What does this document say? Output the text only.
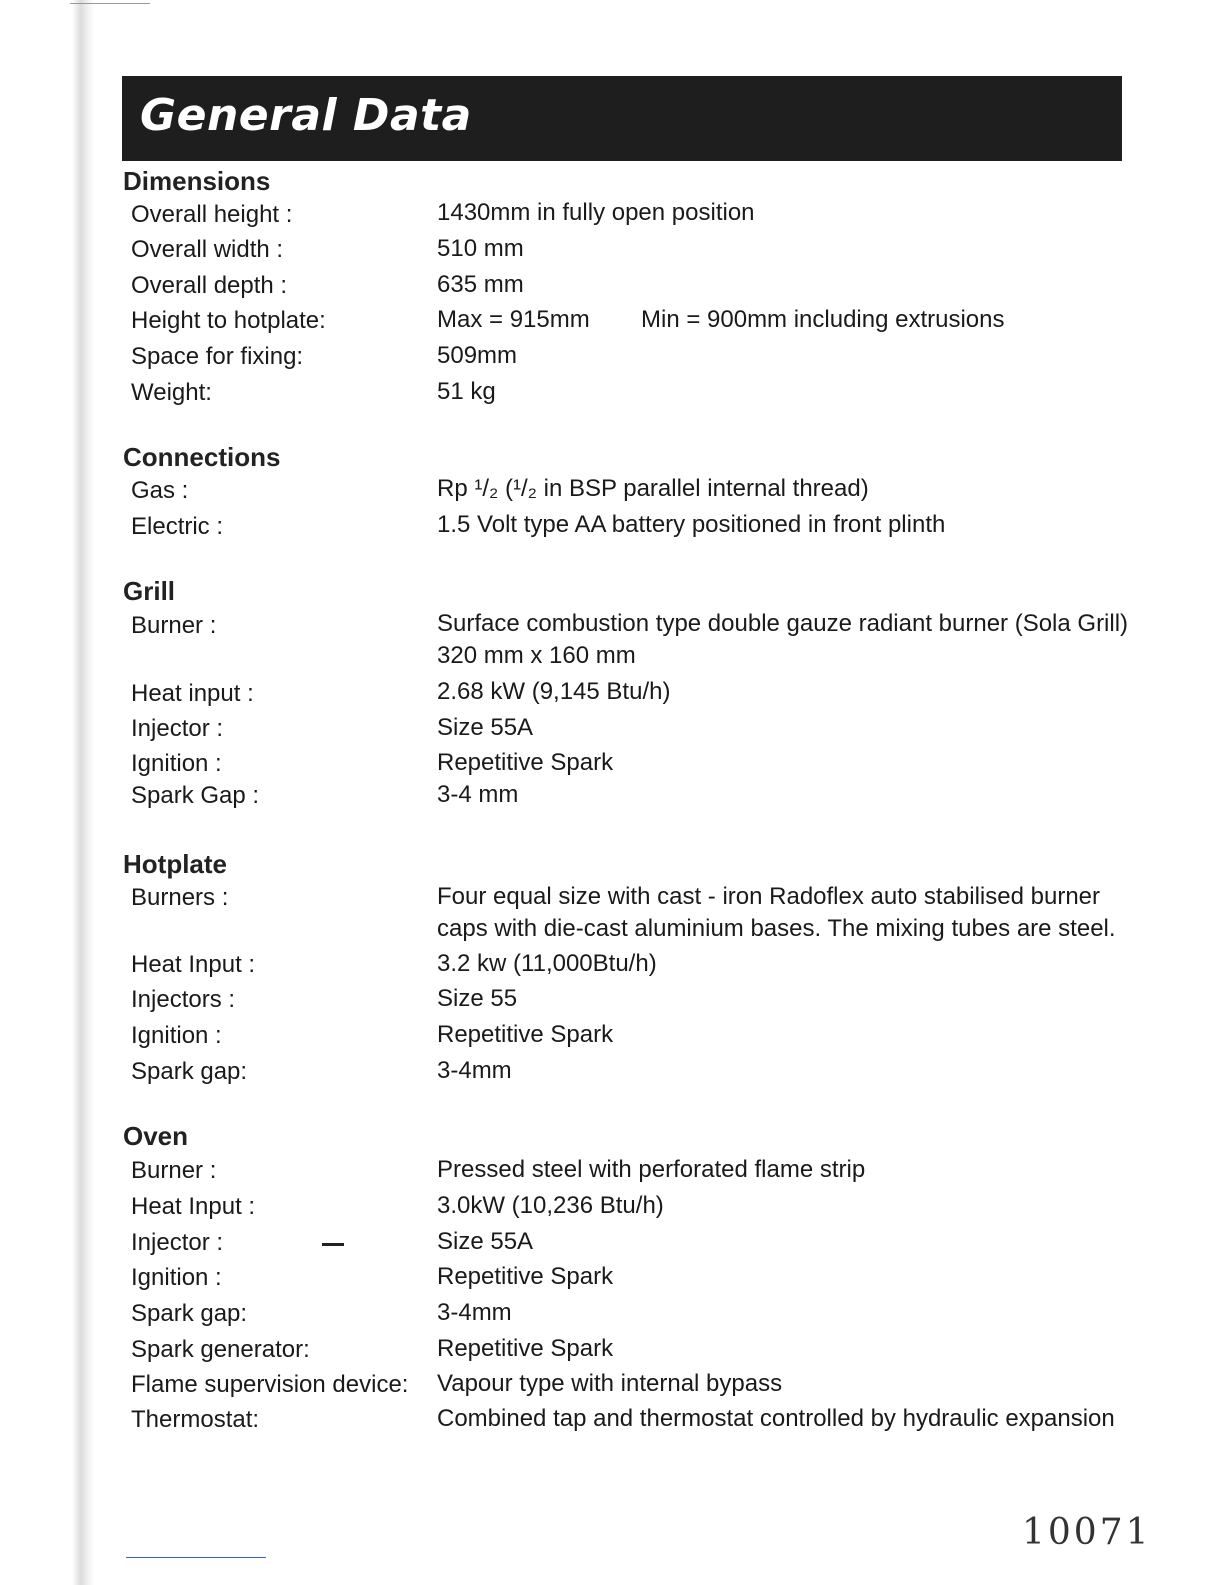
General Data
Dimensions
Overall height :	1430mm in fully open position
Overall width :	510 mm
Overall depth :	635 mm
Height to hotplate:	Max = 915mm Min = 900mm including extrusions
Space for fixing:	509mm
Weight:	51 kg
Connections
Gas :	Rp ¹/₂ (¹/₂ in BSP parallel internal thread)
Electric :	1.5 Volt type AA battery positioned in front plinth
Grill
Burner :	Surface combustion type double gauze radiant burner (Sola Grill)
320 mm x 160 mm
Heat input :	2.68 kW (9,145 Btu/h)
Injector :	Size 55A
Ignition :	Repetitive Spark
Spark Gap :	3-4 mm
Hotplate
Burners :	Four equal size with cast - iron Radoflex auto stabilised burner
caps with die-cast aluminium bases. The mixing tubes are steel.
Heat Input :	3.2 kw (11,000Btu/h)
Injectors :	Size 55
Ignition :	Repetitive Spark
Spark gap:	3-4mm
Oven
Burner :	Pressed steel with perforated flame strip
Heat Input :	3.0kW (10,236 Btu/h)
Injector :	Size 55A
Ignition :	Repetitive Spark
Spark gap:	3-4mm
Spark generator:	Repetitive Spark
Flame supervision device: Vapour type with internal bypass
Thermostat:	Combined tap and thermostat controlled by hydraulic expansion
10071
